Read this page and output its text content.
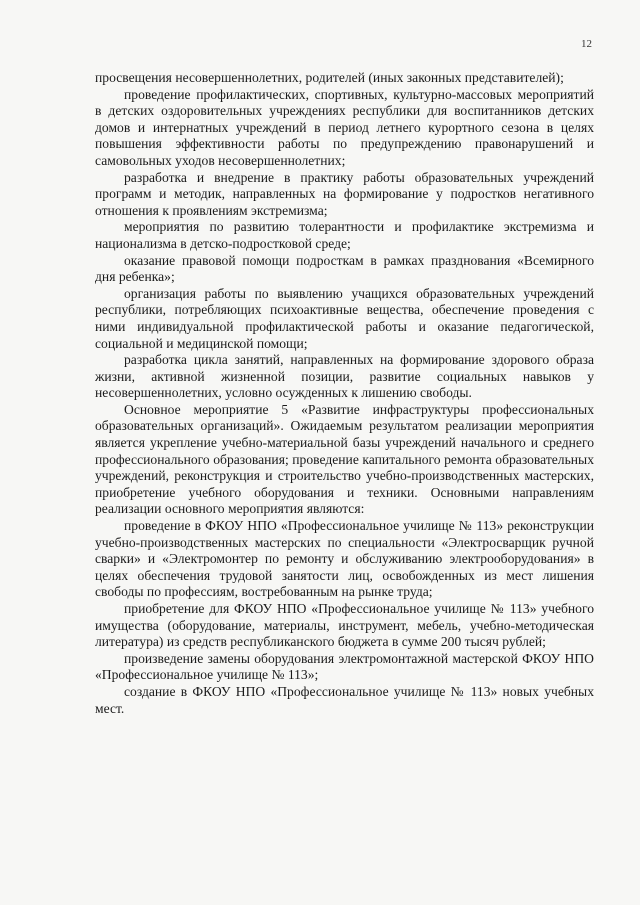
12

просвещения несовершеннолетних, родителей (иных законных представителей);

проведение профилактических, спортивных, культурно-массовых мероприятий в детских оздоровительных учреждениях республики для воспитанников детских домов и интернатных учреждений в период летнего курортного сезона в целях повышения эффективности работы по предупреждению правонарушений и самовольных уходов несовершеннолетних;

разработка и внедрение в практику работы образовательных учреждений программ и методик, направленных на формирование у подростков негативного отношения к проявлениям экстремизма;

мероприятия по развитию толерантности и профилактике экстремизма и национализма в детско-подростковой среде;

оказание правовой помощи подросткам в рамках празднования «Всемирного дня ребенка»;

организация работы по выявлению учащихся образовательных учреждений республики, потребляющих психоактивные вещества, обеспечение проведения с ними индивидуальной профилактической работы и оказание педагогической, социальной и медицинской помощи;

разработка цикла занятий, направленных на формирование здорового образа жизни, активной жизненной позиции, развитие социальных навыков у несовершеннолетних, условно осужденных к лишению свободы.

Основное мероприятие 5 «Развитие инфраструктуры профессиональных образовательных организаций». Ожидаемым результатом реализации мероприятия является укрепление учебно-материальной базы учреждений начального и среднего профессионального образования; проведение капитального ремонта образовательных учреждений, реконструкция и строительство учебно-производственных мастерских, приобретение учебного оборудования и техники. Основными направлениям реализации основного мероприятия являются:

проведение в ФКОУ НПО «Профессиональное училище № 113» реконструкции учебно-производственных мастерских по специальности «Электросварщик ручной сварки» и «Электромонтер по ремонту и обслуживанию электрооборудования» в целях обеспечения трудовой занятости лиц, освобожденных из мест лишения свободы по профессиям, востребованным на рынке труда;

приобретение для ФКОУ НПО «Профессиональное училище № 113» учебного имущества (оборудование, материалы, инструмент, мебель, учебно-методическая литература) из средств республиканского бюджета в сумме 200 тысяч рублей;

произведение замены оборудования электромонтажной мастерской ФКОУ НПО «Профессиональное училище № 113»;

создание в ФКОУ НПО «Профессиональное училище № 113» новых учебных мест.
